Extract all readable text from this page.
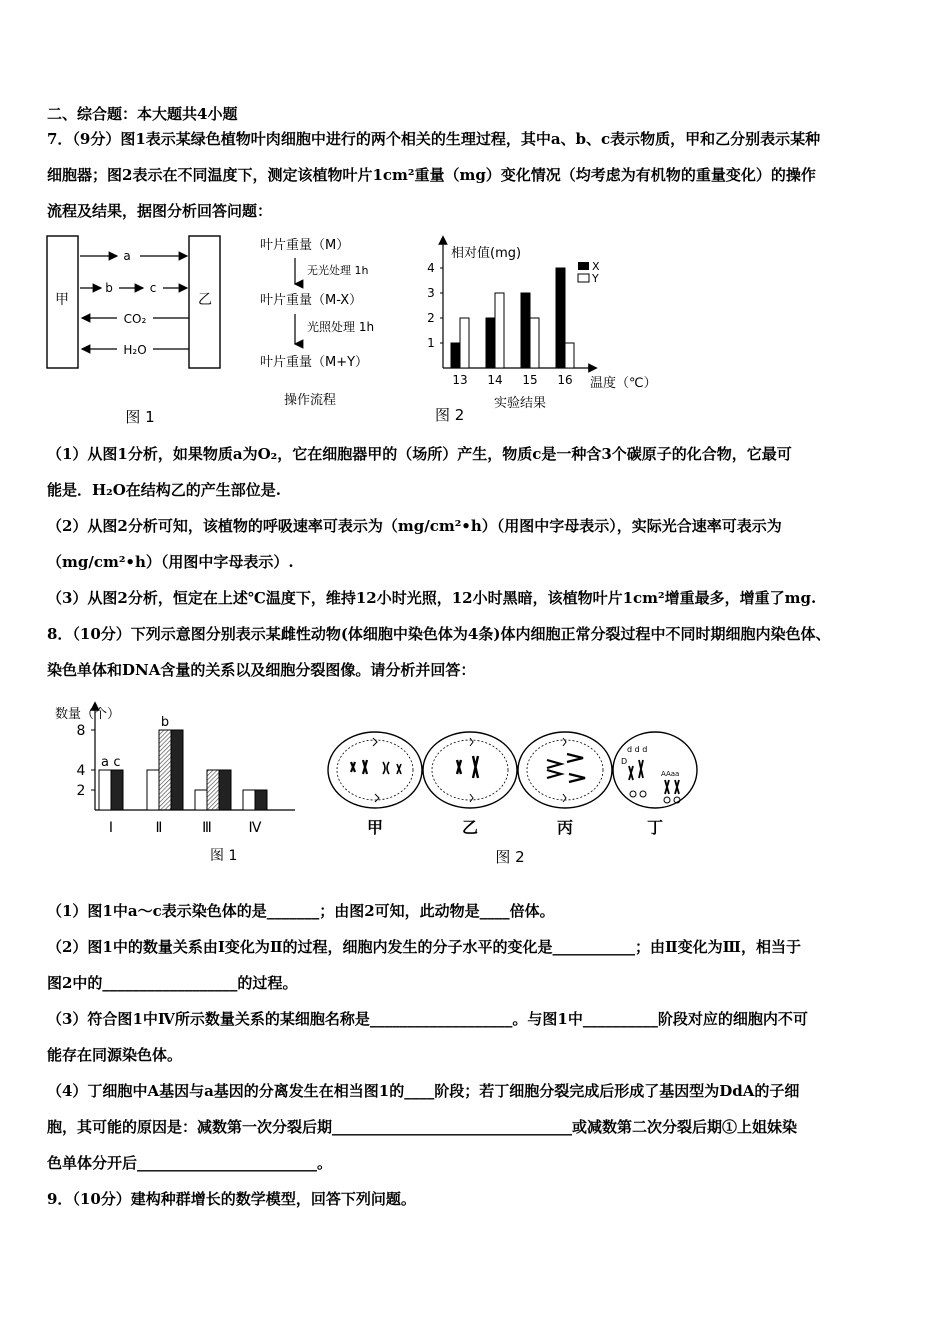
二、综合题：本大题共4小题
7．（9分）图1表示某绿色植物叶肉细胞中进行的两个相关的生理过程，其中a、b、c表示物质，甲和乙分别表示某种
细胞器；图2表示在不同温度下，测定该植物叶片1cm²重量（mg）变化情况（均考虑为有机物的重量变化）的操作
流程及结果，据图分析回答问题：
甲	乙
a
b	c
CO₂
H₂O
图 1
叶片重量（M）
无光处理 1h
叶片重量（M-X）
光照处理 1h
叶片重量（M+Y）
操作流程
相对值(mg)
温度（℃）
X
Y
1
2
3
4
13 14 15 16
图 2
实验结果
（1）从图1分析，如果物质a为O₂，它在细胞器甲的（场所）产生，物质c是一种含3个碳原子的化合物，它最可
能是．H₂O在结构乙的产生部位是.
（2）从图2分析可知，该植物的呼吸速率可表示为（mg/cm²•h）（用图中字母表示），实际光合速率可表示为
（mg/cm²•h）（用图中字母表示）.
（3）从图2分析，恒定在上述℃温度下，维持12小时光照，12小时黑暗，该植物叶片1cm²增重最多，增重了mg.
8．（10分）下列示意图分别表示某雌性动物(体细胞中染色体为4条)体内细胞正常分裂过程中不同时期细胞内染色体、
染色单体和DNA含量的关系以及细胞分裂图像。请分析并回答：
数量（个）
2
4
8
a c
Ⅰ
b
Ⅱ	Ⅲ	Ⅳ
图 1
d d d
D
AAaa
甲	乙	丙	丁
图 2
（1）图1中a～c表示染色体的是_______；由图2可知，此动物是____倍体。
（2）图1中的数量关系由Ⅰ变化为Ⅱ的过程，细胞内发生的分子水平的变化是___________；由Ⅱ变化为Ⅲ，相当于
图2中的__________________的过程。
（3）符合图1中Ⅳ所示数量关系的某细胞名称是___________________。与图1中__________阶段对应的细胞内不可
能存在同源染色体。
（4）丁细胞中A基因与a基因的分离发生在相当图1的____阶段；若丁细胞分裂完成后形成了基因型为DdA的子细
胞，其可能的原因是：减数第一次分裂后期________________________________或减数第二次分裂后期①上姐妹染
色单体分开后________________________。
9．（10分）建构种群增长的数学模型，回答下列问题。
